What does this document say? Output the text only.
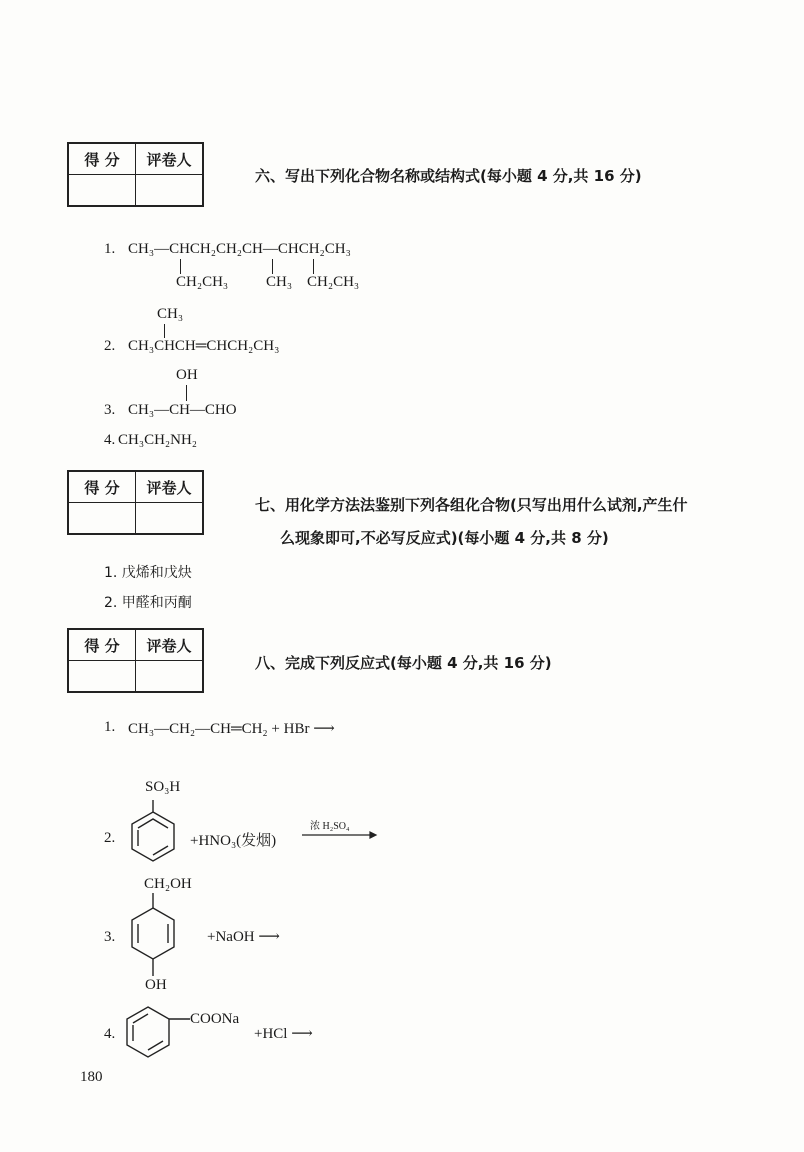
得 分	评卷人

得 分	评卷人

得 分	评卷人

六、写出下列化合物名称或结构式(每小题 4 分,共 16 分)
1. CH₃—CHCH₂CH₂CH—CHCH₂CH₃
CH₂CH₃	CH₃ CH₂CH₃
CH₃
2. CH₃CHCH═CHCH₂CH₃
OH
3. CH₃—CH—CHO
4. CH₃CH₂NH₂
七、用化学方法法鉴别下列各组化合物(只写出用什么试剂,产生什
么现象即可,不必写反应式)(每小题 4 分,共 8 分)
1. 戊烯和戊炔
2. 甲醛和丙酮
八、完成下列反应式(每小题 4 分,共 16 分)
1. CH₃—CH₂—CH═CH₂ + HBr ⟶
SO₃H
2.	+HNO₃(发烟)
浓 H₂SO₄
CH₂OH
3.	+NaOH ⟶
OH
4.
COONa
+HCl ⟶
180
